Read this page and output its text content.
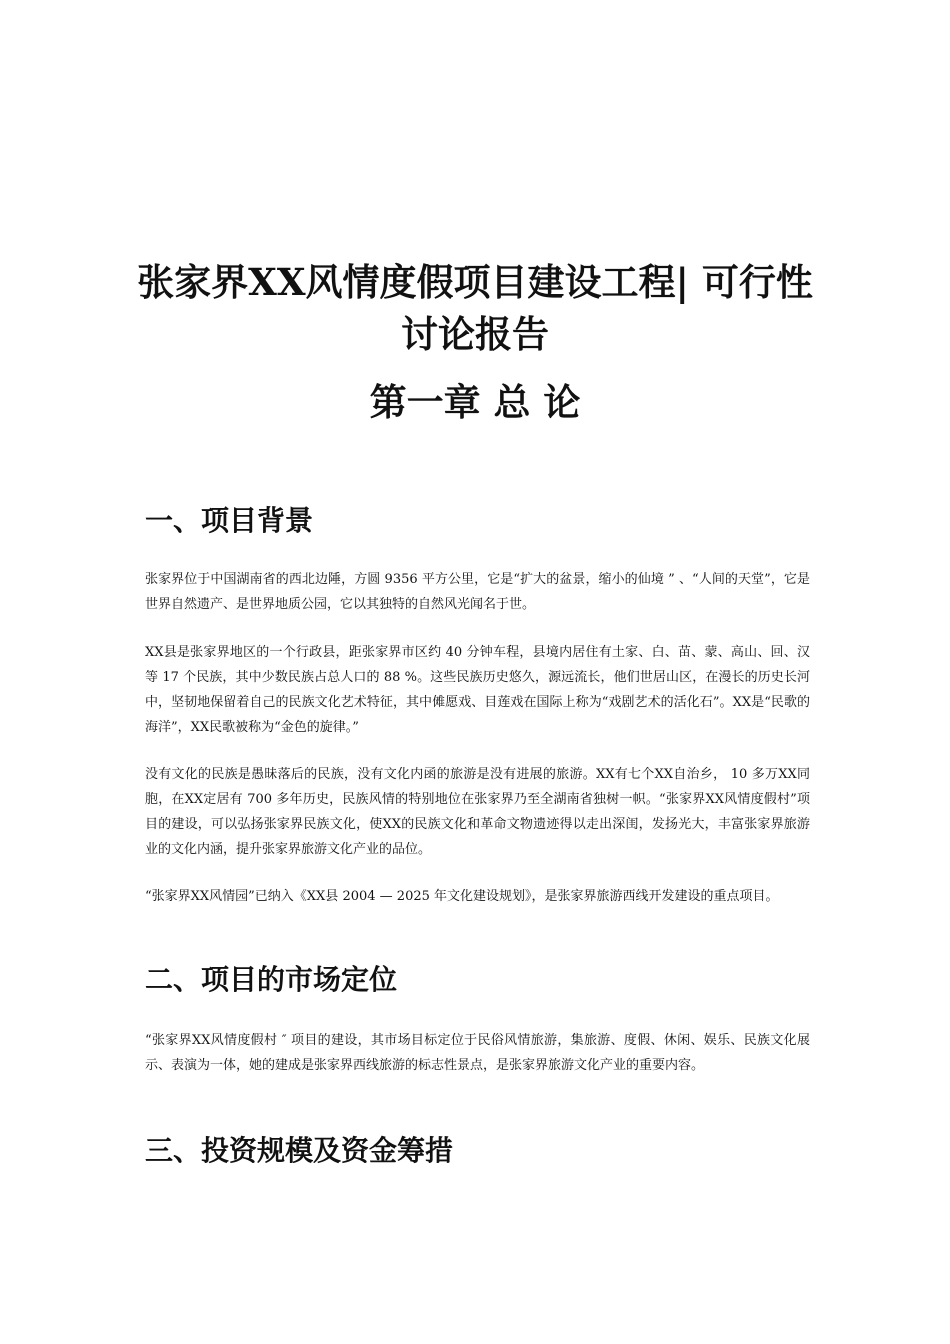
张家界XX风情度假项目建设工程| 可行性讨论报告
第一章 总 论
一、项目背景

张家界位于中国湖南省的西北边陲，方圆 9356 平方公里，它是“扩大的盆景，缩小的仙境 ” 、“人间的天堂”，它是世界自然遗产、是世界地质公园，它以其独特的自然风光闻名于世。

XX县是张家界地区的一个行政县，距张家界市区约 40 分钟车程，县境内居住有土家、白、苗、蒙、高山、回、汉等 17 个民族，其中少数民族占总人口的 88 %。这些民族历史悠久，源远流长，他们世居山区，在漫长的历史长河中，坚韧地保留着自己的民族文化艺术特征，其中傩愿戏、目莲戏在国际上称为“戏剧艺术的活化石”。XX是“民歌的海洋”，XX民歌被称为“金色的旋律。”

没有文化的民族是愚昧落后的民族，没有文化内函的旅游是没有进展的旅游。XX有七个XX自治乡， 10 多万XX同胞，在XX定居有 700 多年历史，民族风情的特别地位在张家界乃至全湖南省独树一帜。“张家界XX风情度假村”项目的建设，可以弘扬张家界民族文化，使XX的民族文化和革命文物遗迹得以走出深闺，发扬光大，丰富张家界旅游业的文化内涵，提升张家界旅游文化产业的品位。

“张家界XX风情园”已纳入《XX县 2004 — 2025 年文化建设规划》，是张家界旅游西线开发建设的重点项目。

二、项目的市场定位

“张家界XX风情度假村 ″ 项目的建设，其市场目标定位于民俗风情旅游，集旅游、度假、休闲、娱乐、民族文化展示、表演为一体，她的建成是张家界西线旅游的标志性景点，是张家界旅游文化产业的重要内容。

三、投资规模及资金筹措
